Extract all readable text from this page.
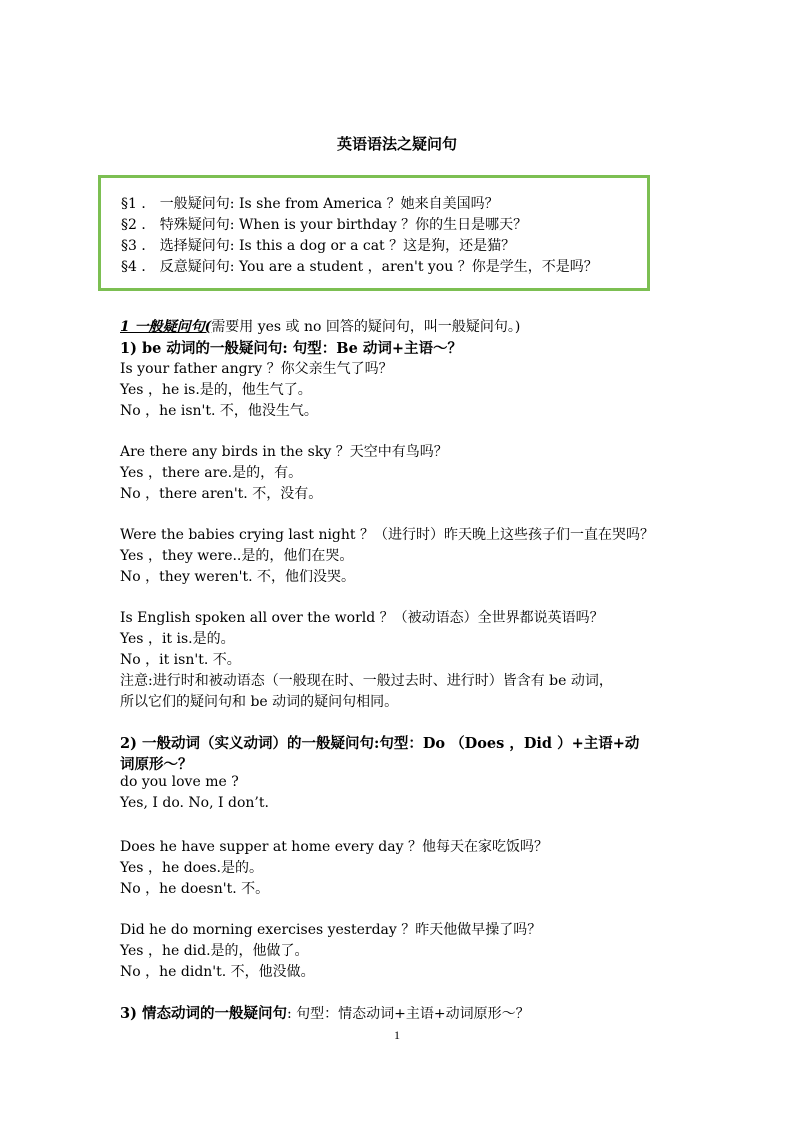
英语语法之疑问句
§1 ． 一般疑问句: Is she from America ？她来自美国吗？
§2 ． 特殊疑问句: When is your birthday ？你的生日是哪天？
§3 ． 选择疑问句: Is this a dog or a cat ？这是狗，还是猫？
§4 ． 反意疑问句: You are a student ，aren't you ？你是学生，不是吗？
1 一般疑问句(需要用 yes 或 no 回答的疑问句，叫一般疑问句。)
1) be 动词的一般疑问句: 句型：Be 动词+主语～？
Is your father angry ？你父亲生气了吗？
Yes ，he is.是的，他生气了。
No ，he isn't. 不，他没生气。
Are there any birds in the sky ？天空中有鸟吗？
Yes ，there are.是的，有。
No ，there aren't. 不，没有。
Were the babies crying last night ？（进行时）昨天晚上这些孩子们一直在哭吗？
Yes ，they were..是的，他们在哭。
No ，they weren't. 不，他们没哭。
Is English spoken all over the world ？（被动语态）全世界都说英语吗？
Yes ，it is.是的。
No ，it isn't. 不。
注意:进行时和被动语态（一般现在时、一般过去时、进行时）皆含有 be 动词，
所以它们的疑问句和 be 动词的疑问句相同。
2) 一般动词（实义动词）的一般疑问句:句型：Do （Does ，Did ）+主语+动
词原形～？
do you love me ?
Yes, I do. No, I don’t.
Does he have supper at home every day ？他每天在家吃饭吗？
Yes ，he does.是的。
No ，he doesn't. 不。
Did he do morning exercises yesterday ？昨天他做早操了吗？
Yes ，he did.是的，他做了。
No ，he didn't. 不，他没做。
3) 情态动词的一般疑问句: 句型：情态动词+主语+动词原形～？
1
